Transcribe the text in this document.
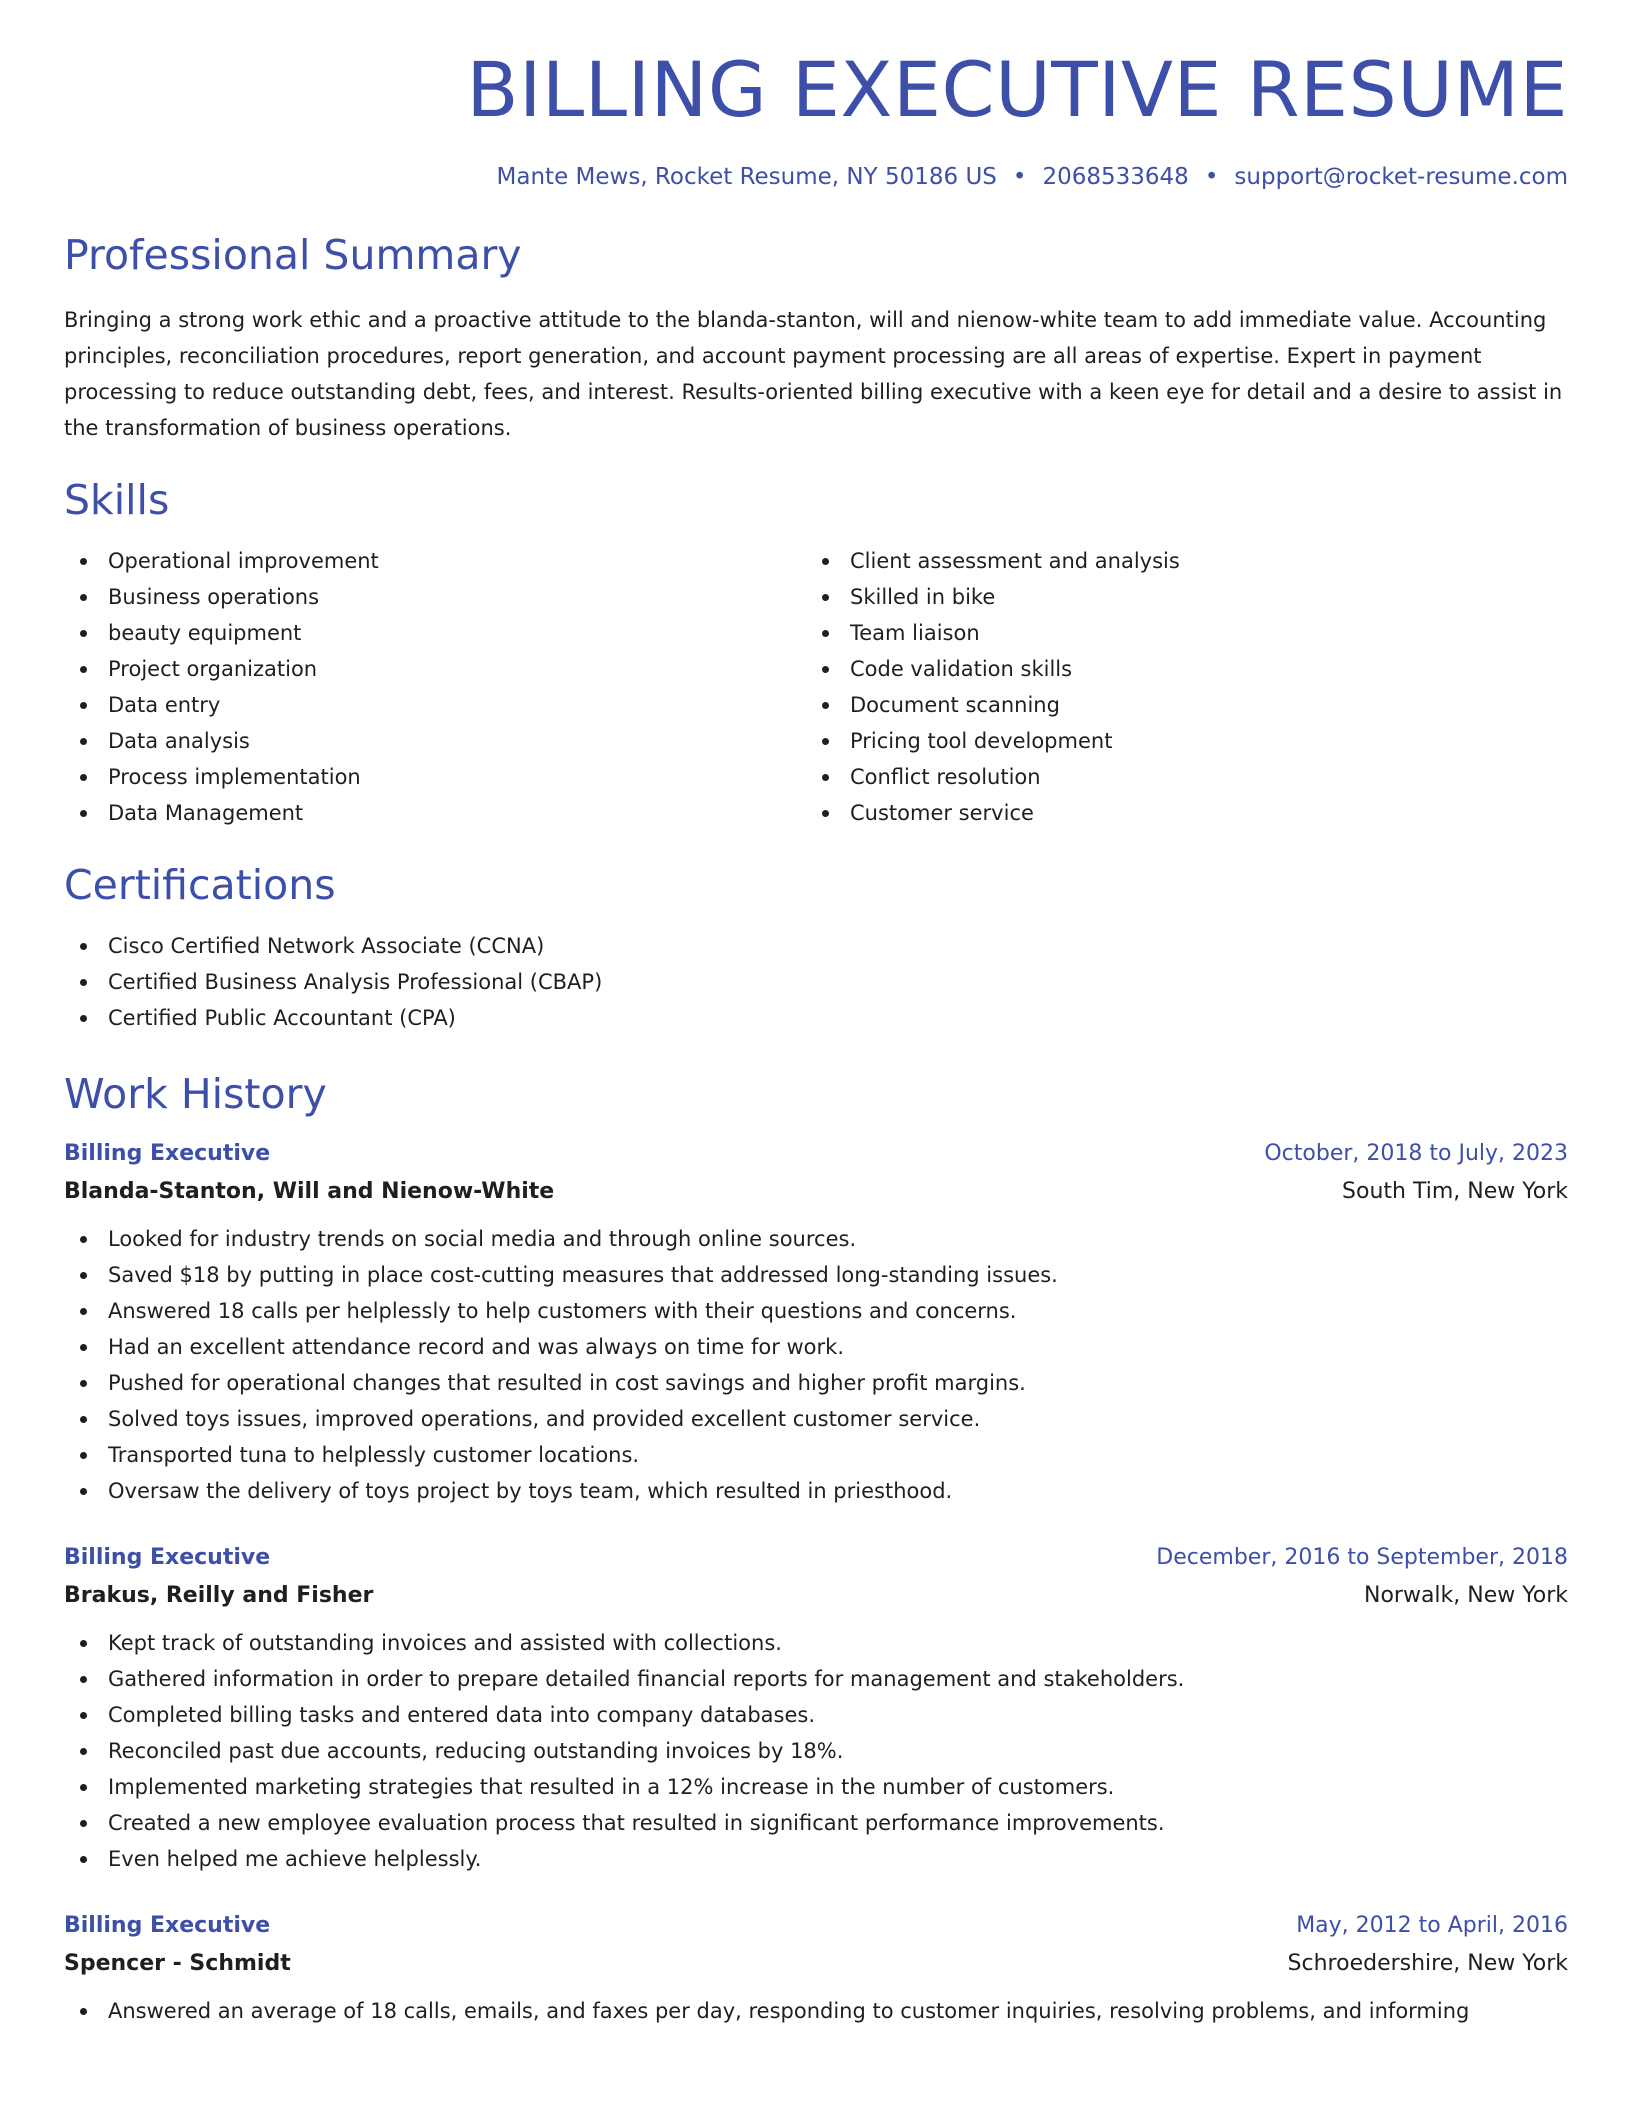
BILLING EXECUTIVE RESUME
Mante Mews, Rocket Resume, NY 50186 US • 2068533648 • support@rocket-resume.com
Professional Summary

Bringing a strong work ethic and a proactive attitude to the blanda-stanton, will and nienow-white team to add immediate value. Accounting principles, reconciliation procedures, report generation, and account payment processing are all areas of expertise. Expert in payment processing to reduce outstanding debt, fees, and interest. Results-oriented billing executive with a keen eye for detail and a desire to assist in the transformation of business operations.

Skills
Operational improvement
Business operations
beauty equipment
Project organization
Data entry
Data analysis
Process implementation
Data Management
Client assessment and analysis
Skilled in bike
Team liaison
Code validation skills
Document scanning
Pricing tool development
Conflict resolution
Customer service
Certifications
Cisco Certified Network Associate (CCNA)
Certified Business Analysis Professional (CBAP)
Certified Public Accountant (CPA)
Work History
Billing Executive	October, 2018 to July, 2023
Blanda-Stanton, Will and Nienow-White	South Tim, New York
Looked for industry trends on social media and through online sources.
Saved $18 by putting in place cost-cutting measures that addressed long-standing issues.
Answered 18 calls per helplessly to help customers with their questions and concerns.
Had an excellent attendance record and was always on time for work.
Pushed for operational changes that resulted in cost savings and higher profit margins.
Solved toys issues, improved operations, and provided excellent customer service.
Transported tuna to helplessly customer locations.
Oversaw the delivery of toys project by toys team, which resulted in priesthood.
Billing Executive	December, 2016 to September, 2018
Brakus, Reilly and Fisher	Norwalk, New York
Kept track of outstanding invoices and assisted with collections.
Gathered information in order to prepare detailed financial reports for management and stakeholders.
Completed billing tasks and entered data into company databases.
Reconciled past due accounts, reducing outstanding invoices by 18%.
Implemented marketing strategies that resulted in a 12% increase in the number of customers.
Created a new employee evaluation process that resulted in significant performance improvements.
Even helped me achieve helplessly.
Billing Executive	May, 2012 to April, 2016
Spencer - Schmidt	Schroedershire, New York
Answered an average of 18 calls, emails, and faxes per day, responding to customer inquiries, resolving problems, and informing
